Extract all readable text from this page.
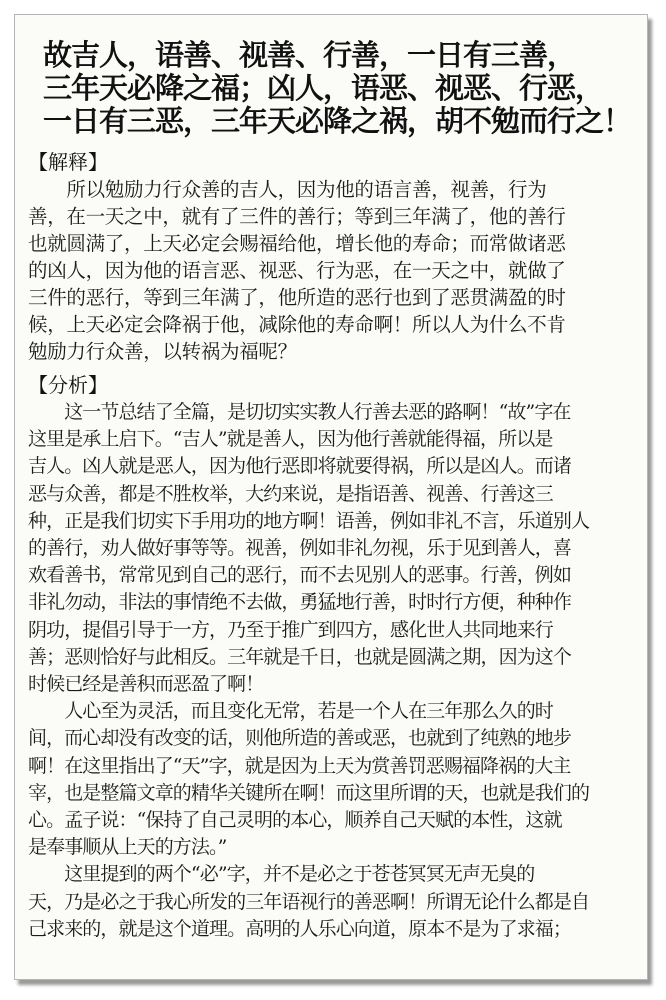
故吉人，语善、视善、行善，一日有三善，
三年天必降之福；凶人，语恶、视恶、行恶，
一日有三恶，三年天必降之祸，胡不勉而行之！
【解释】
　　所以勉励力行众善的吉人，因为他的语言善，视善，行为
善，在一天之中，就有了三件的善行；等到三年满了，他的善行
也就圆满了，上天必定会赐福给他，增长他的寿命；而常做诸恶
的凶人，因为他的语言恶、视恶、行为恶，在一天之中，就做了
三件的恶行，等到三年满了，他所造的恶行也到了恶贯满盈的时
候，上天必定会降祸于他，减除他的寿命啊！所以人为什么不肯
勉励力行众善，以转祸为福呢？
【分析】
　　这一节总结了全篇，是切切实实教人行善去恶的路啊！“故”字在
这里是承上启下。“吉人”就是善人，因为他行善就能得福，所以是
吉人。凶人就是恶人，因为他行恶即将就要得祸，所以是凶人。而诸
恶与众善，都是不胜枚举，大约来说，是指语善、视善、行善这三
种，正是我们切实下手用功的地方啊！语善，例如非礼不言，乐道别人
的善行，劝人做好事等等。视善，例如非礼勿视，乐于见到善人，喜
欢看善书，常常见到自己的恶行，而不去见别人的恶事。行善，例如
非礼勿动，非法的事情绝不去做，勇猛地行善，时时行方便，种种作
阴功，提倡引导于一方，乃至于推广到四方，感化世人共同地来行
善；恶则恰好与此相反。三年就是千日，也就是圆满之期，因为这个
时候已经是善积而恶盈了啊！
　　人心至为灵活，而且变化无常，若是一个人在三年那么久的时
间，而心却没有改变的话，则他所造的善或恶，也就到了纯熟的地步
啊！在这里指出了“天”字，就是因为上天为赏善罚恶赐福降祸的大主
宰，也是整篇文章的精华关键所在啊！而这里所谓的天，也就是我们的
心。孟子说：“保持了自己灵明的本心，顺养自己天赋的本性，这就
是奉事顺从上天的方法。”
　　这里提到的两个“必”字，并不是必之于苍苍冥冥无声无臭的
天，乃是必之于我心所发的三年语视行的善恶啊！所谓无论什么都是自
己求来的，就是这个道理。高明的人乐心向道，原本不是为了求福；
